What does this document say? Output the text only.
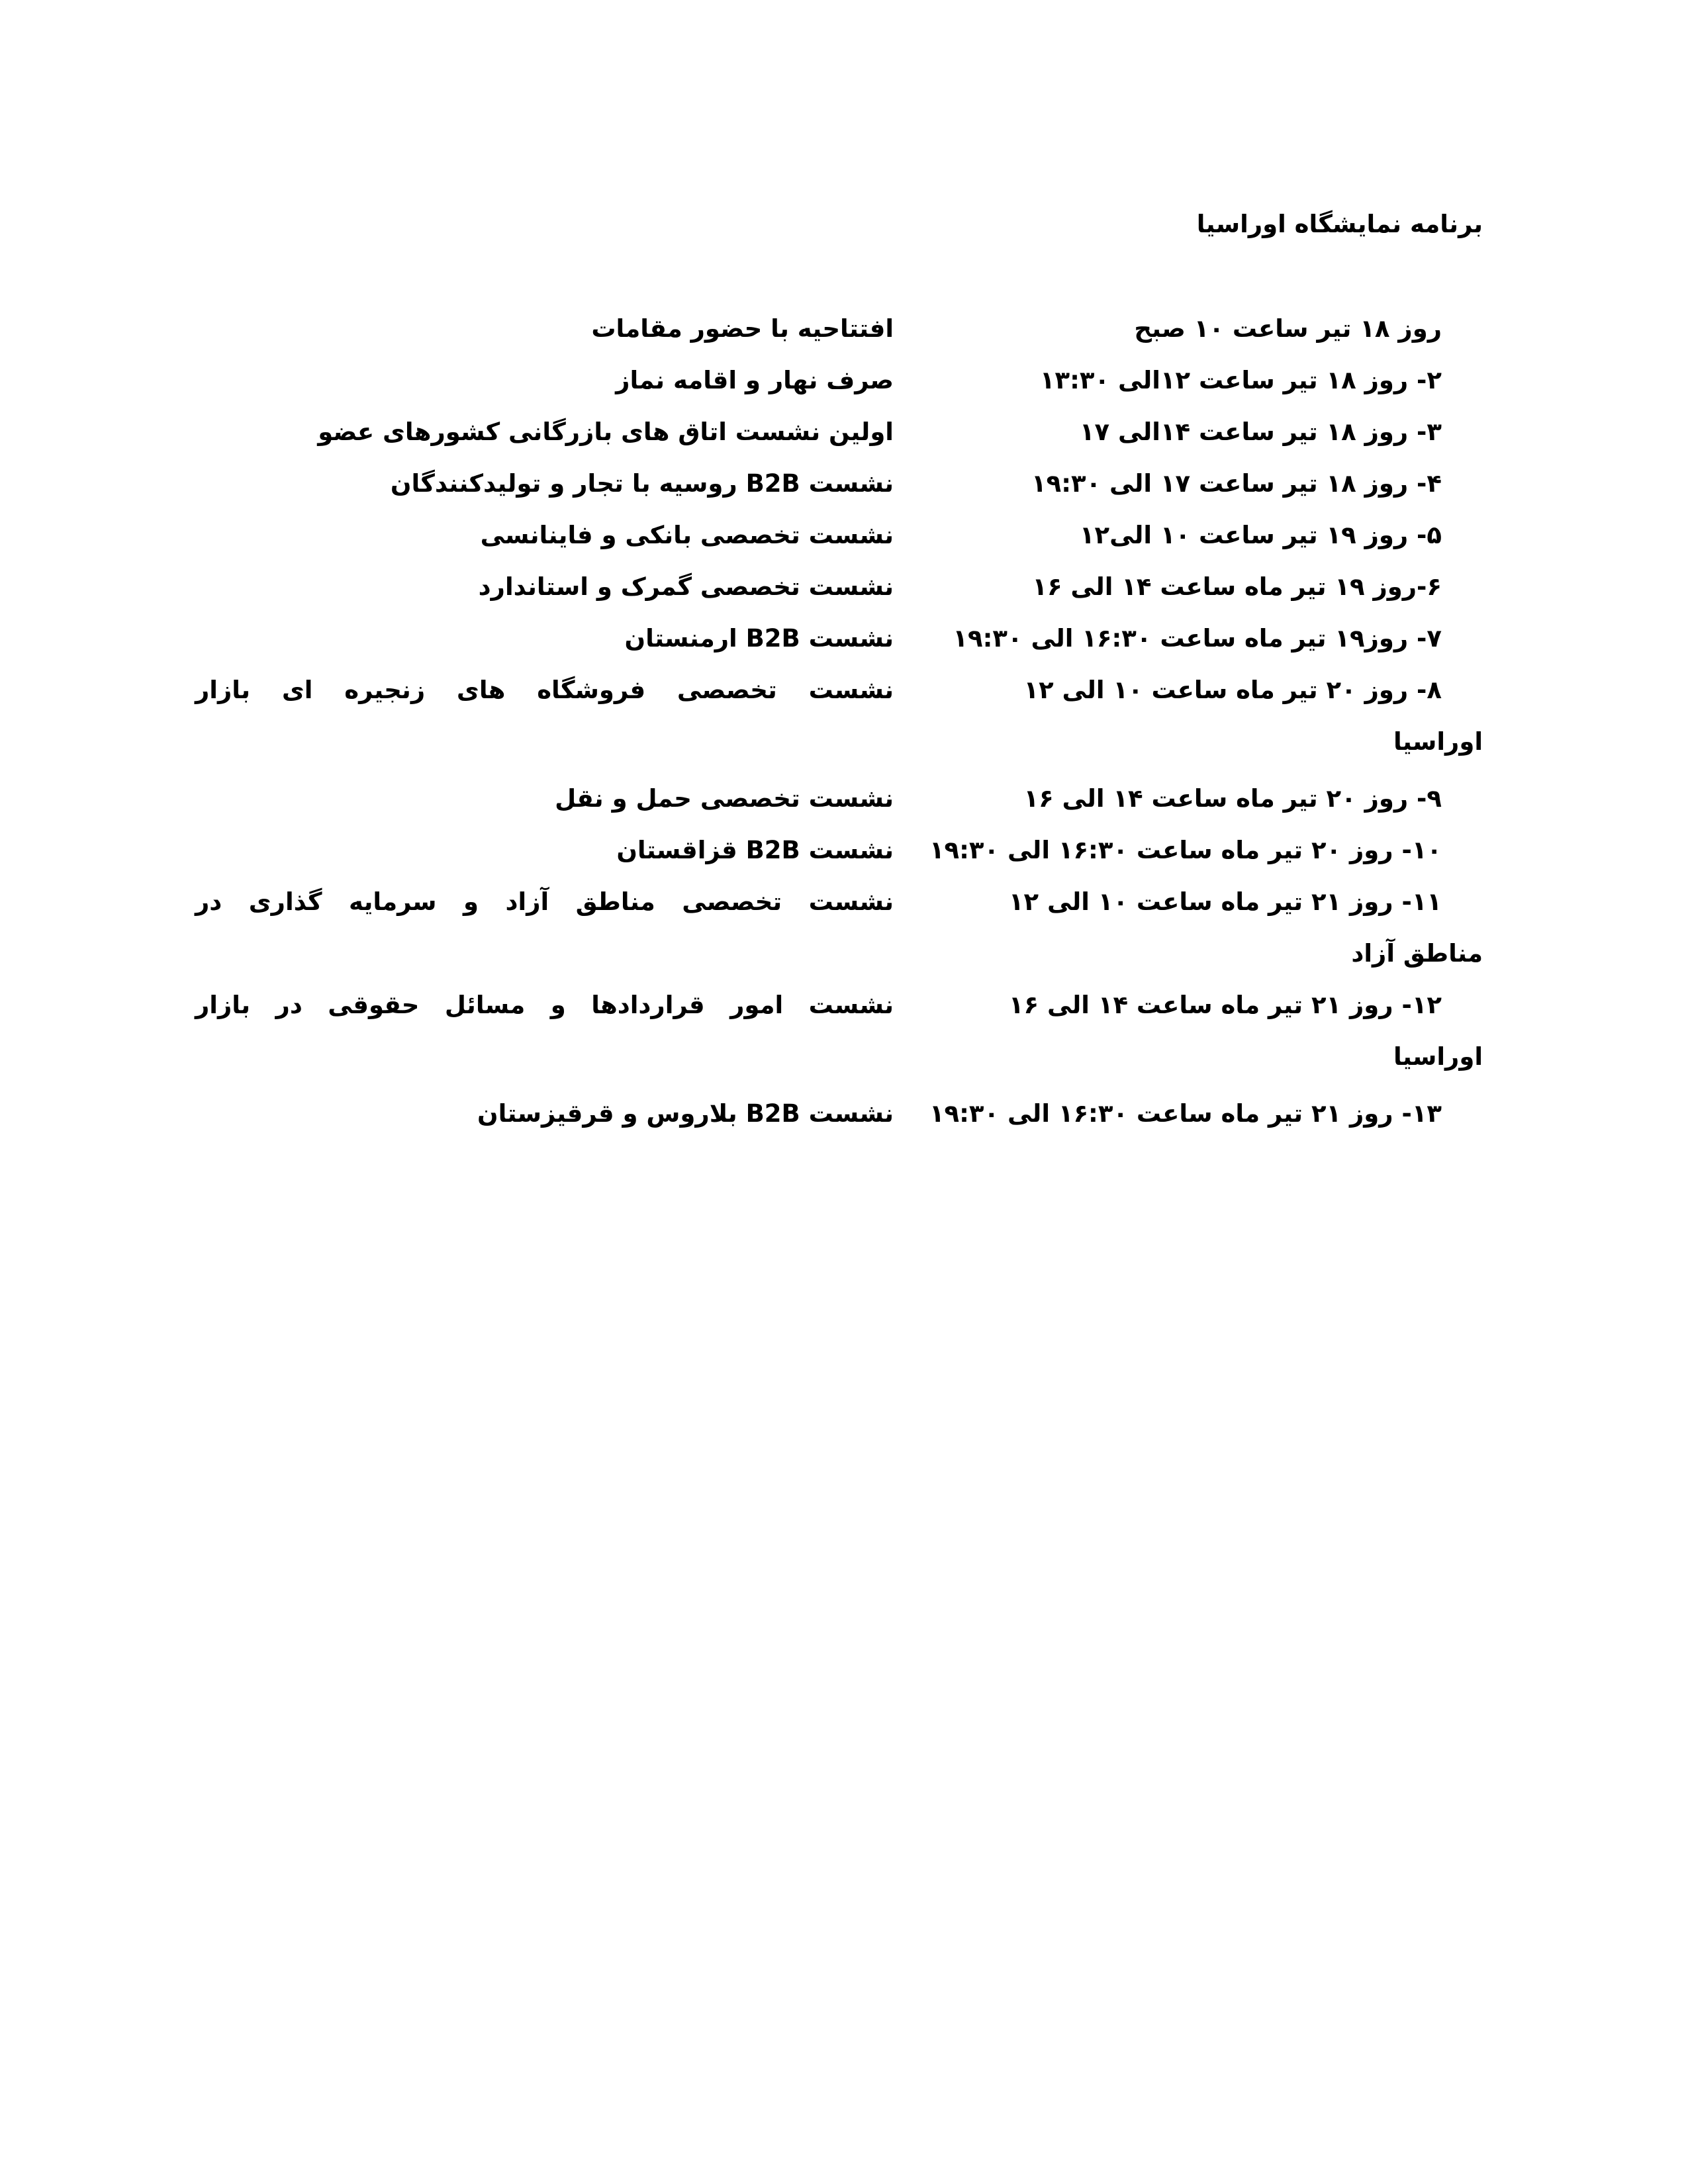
برنامه نمایشگاه اوراسیا
روز ۱۸ تیر ساعت ۱۰ صبح
افتتاحیه با حضور مقامات
۲- روز ۱۸ تیر ساعت ۱۲الی ۱۳:۳۰
صرف نهار و اقامه نماز
۳- روز ۱۸ تیر ساعت ۱۴الی ۱۷
اولین نشست اتاق های بازرگانی کشورهای عضو
۴- روز ۱۸ تیر ساعت ۱۷ الی ۱۹:۳۰
نشست B2B روسیه با تجار و تولیدکنندگان
۵- روز ۱۹ تیر ساعت ۱۰ الی۱۲
نشست تخصصی بانکی و فاینانسی
۶-روز ۱۹ تیر ماه ساعت ۱۴ الی ۱۶
نشست تخصصی گمرک و استاندارد
۷- روز۱۹ تیر ماه ساعت ۱۶:۳۰ الی ۱۹:۳۰
نشست B2B ارمنستان
۸- روز ۲۰ تیر ماه ساعت ۱۰ الی ۱۲
نشست تخصصی فروشگاه های زنجیره ای بازار
اوراسیا
۹- روز ۲۰ تیر ماه ساعت ۱۴ الی ۱۶
نشست تخصصی حمل و نقل
۱۰- روز ۲۰ تیر ماه ساعت ۱۶:۳۰ الی ۱۹:۳۰
نشست B2B قزاقستان
۱۱- روز ۲۱ تیر ماه ساعت ۱۰ الی ۱۲
نشست تخصصی مناطق آزاد و سرمایه گذاری در
مناطق آزاد
۱۲- روز ۲۱ تیر ماه ساعت ۱۴ الی ۱۶
نشست امور قراردادها و مسائل حقوقی در بازار
اوراسیا
۱۳- روز ۲۱ تیر ماه ساعت ۱۶:۳۰ الی ۱۹:۳۰
نشست B2B بلاروس و قرقیزستان
